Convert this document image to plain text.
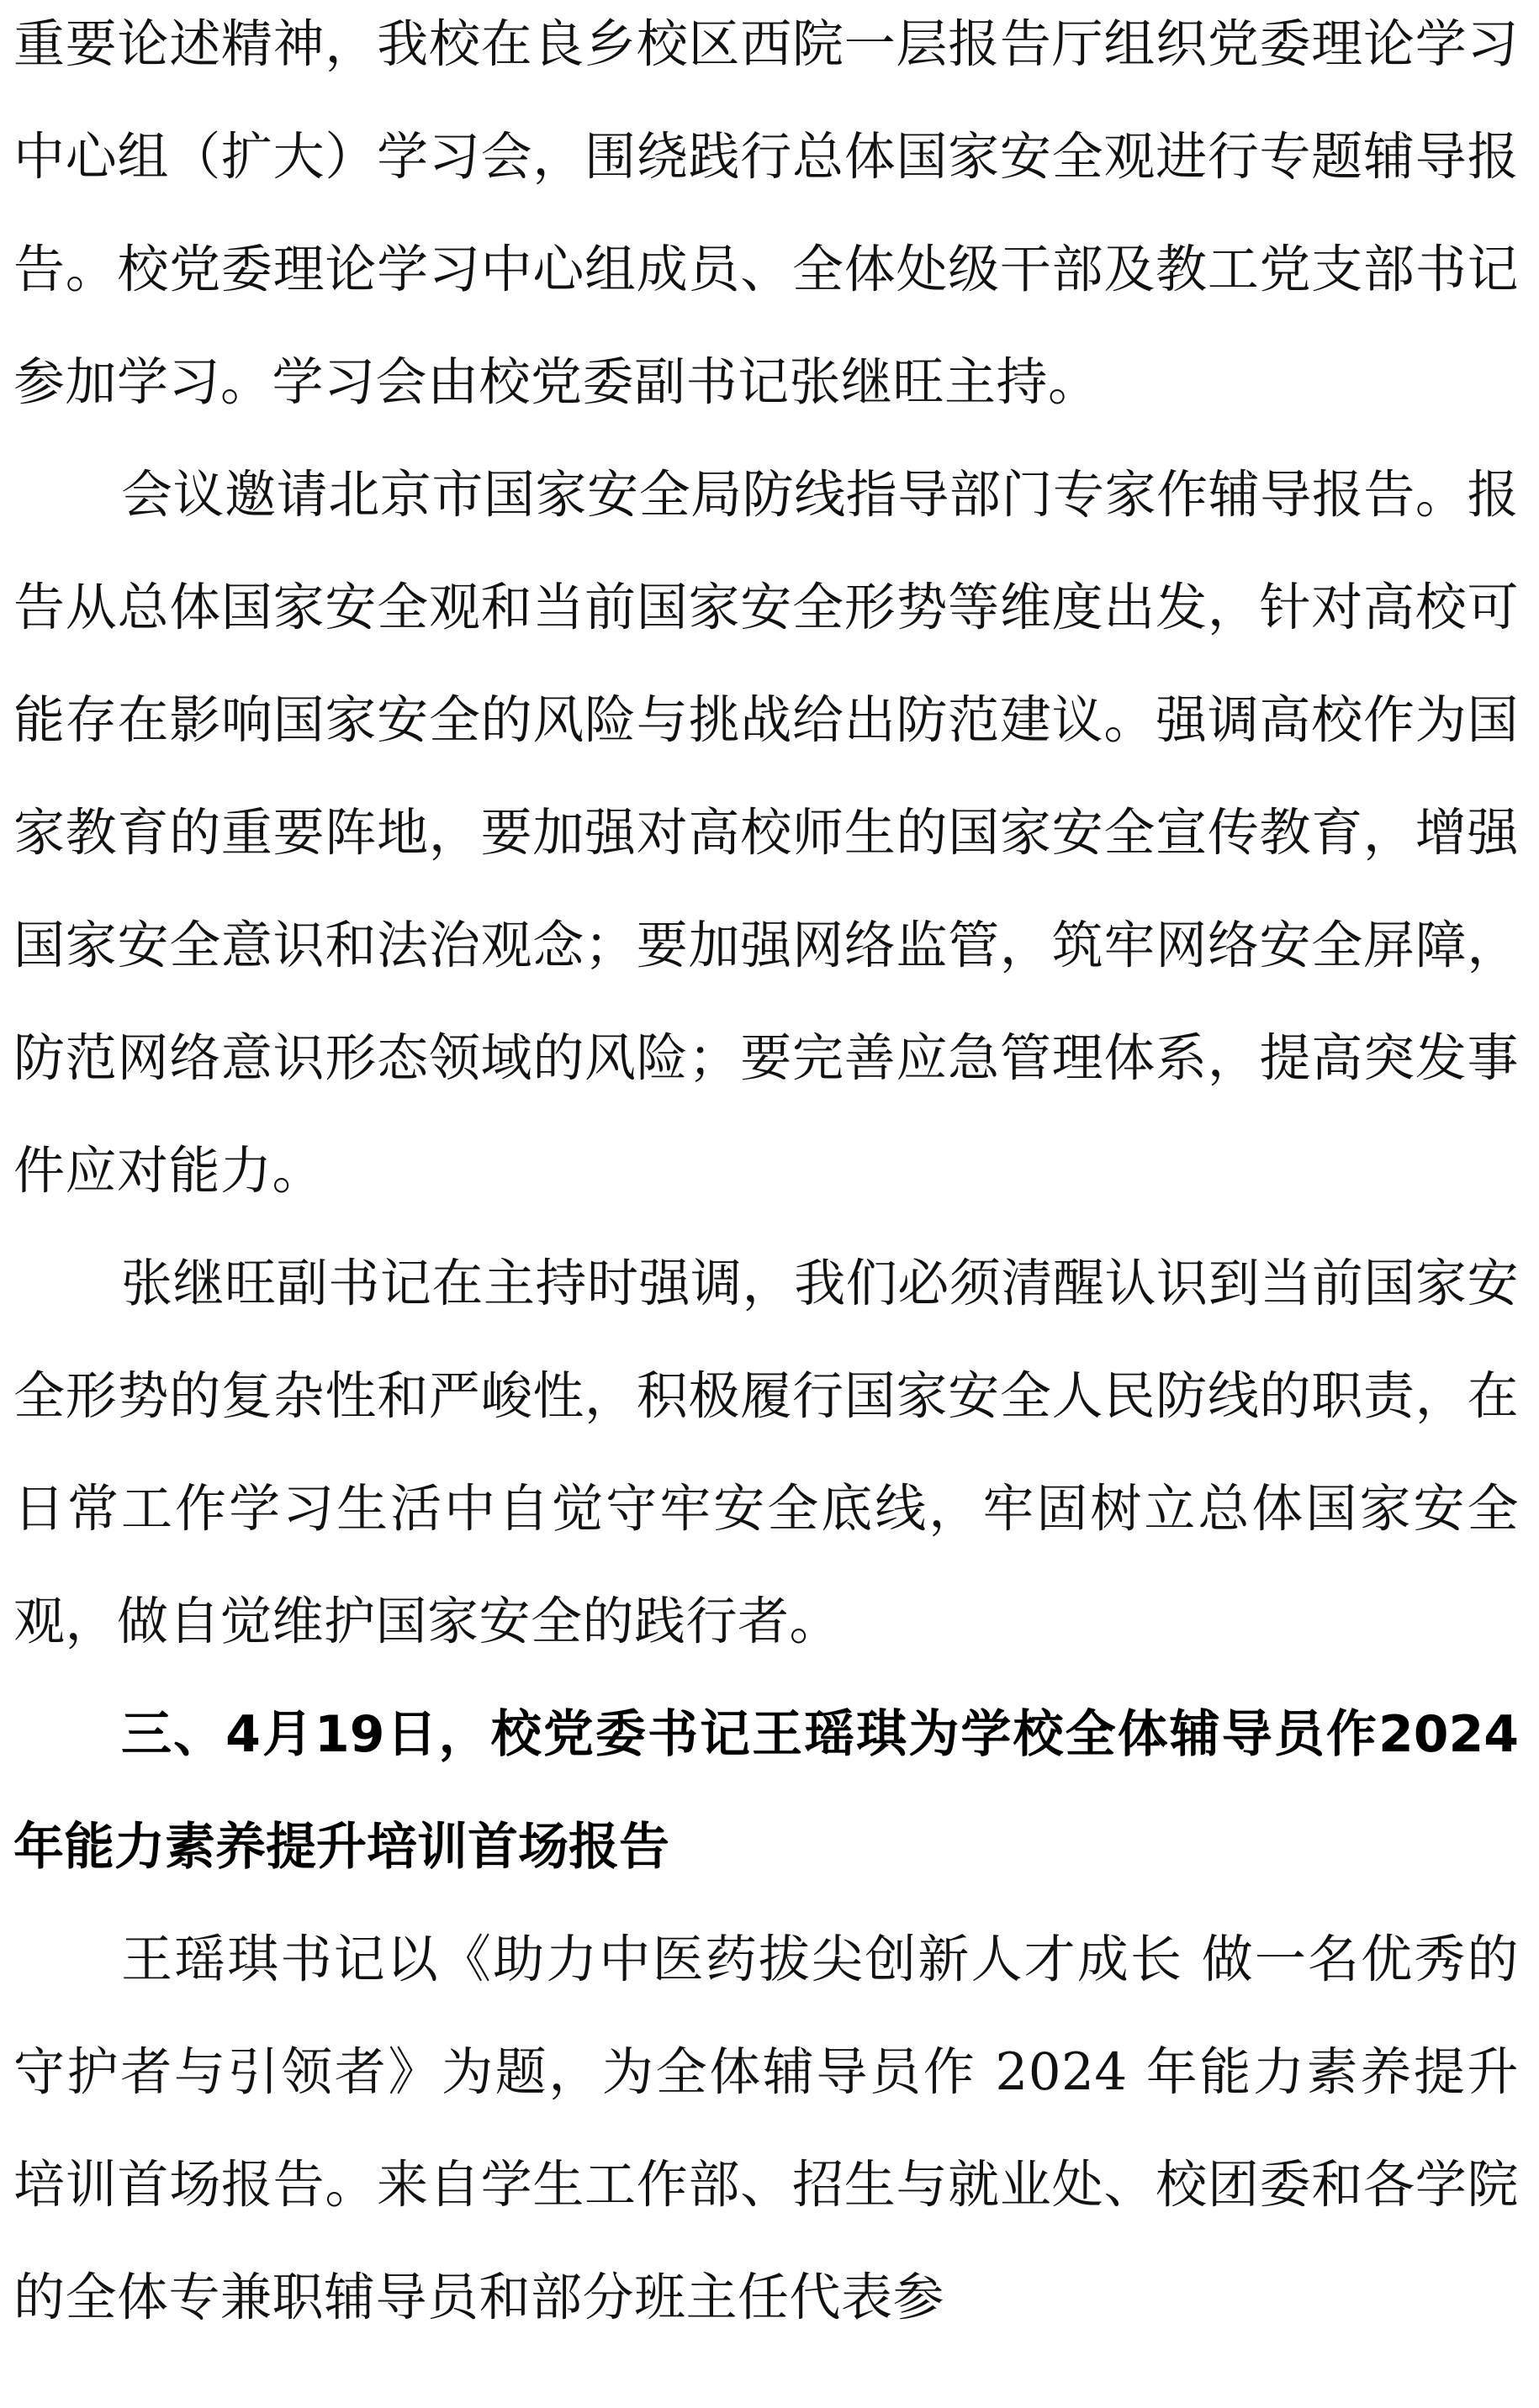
重要论述精神，我校在良乡校区西院一层报告厅组织党委理论学习中心组（扩大）学习会，围绕践行总体国家安全观进行专题辅导报告。校党委理论学习中心组成员、全体处级干部及教工党支部书记参加学习。学习会由校党委副书记张继旺主持。

会议邀请北京市国家安全局防线指导部门专家作辅导报告。报告从总体国家安全观和当前国家安全形势等维度出发，针对高校可能存在影响国家安全的风险与挑战给出防范建议。强调高校作为国家教育的重要阵地，要加强对高校师生的国家安全宣传教育，增强国家安全意识和法治观念；要加强网络监管，筑牢网络安全屏障，防范网络意识形态领域的风险；要完善应急管理体系，提高突发事件应对能力。

张继旺副书记在主持时强调，我们必须清醒认识到当前国家安全形势的复杂性和严峻性，积极履行国家安全人民防线的职责，在日常工作学习生活中自觉守牢安全底线，牢固树立总体国家安全观，做自觉维护国家安全的践行者。

三、4月19日，校党委书记王瑶琪为学校全体辅导员作2024年能力素养提升培训首场报告

王瑶琪书记以《助力中医药拔尖创新人才成长 做一名优秀的守护者与引领者》为题，为全体辅导员作 2024 年能力素养提升培训首场报告。来自学生工作部、招生与就业处、校团委和各学院的全体专兼职辅导员和部分班主任代表参
